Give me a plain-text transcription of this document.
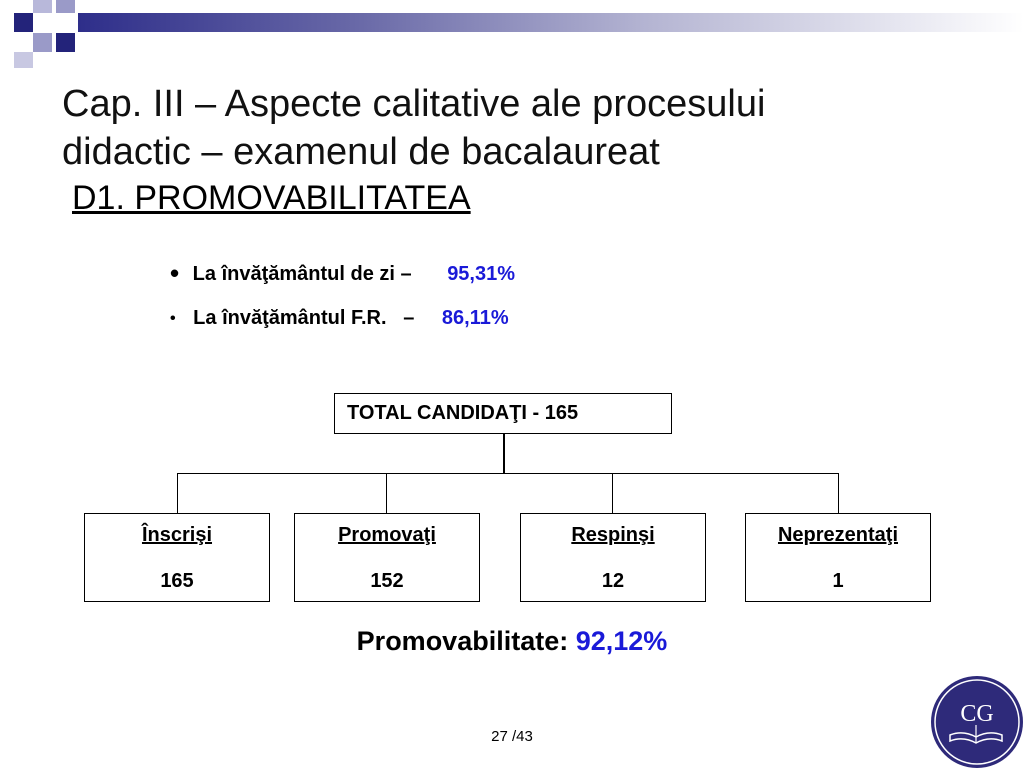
Cap. III – Aspecte calitative ale procesului
didactic – examenul de bacalaureat
D1. PROMOVABILITATEA
• La învăţământul de zi – 95,31%
• La învăţământul F.R.   – 86,11%
TOTAL CANDIDAŢI - 165
Înscrişi
165
Promovaţi
152
Respinşi
12
Neprezentaţi
1
Promovabilitate: 92,12%
27 /43
CG
